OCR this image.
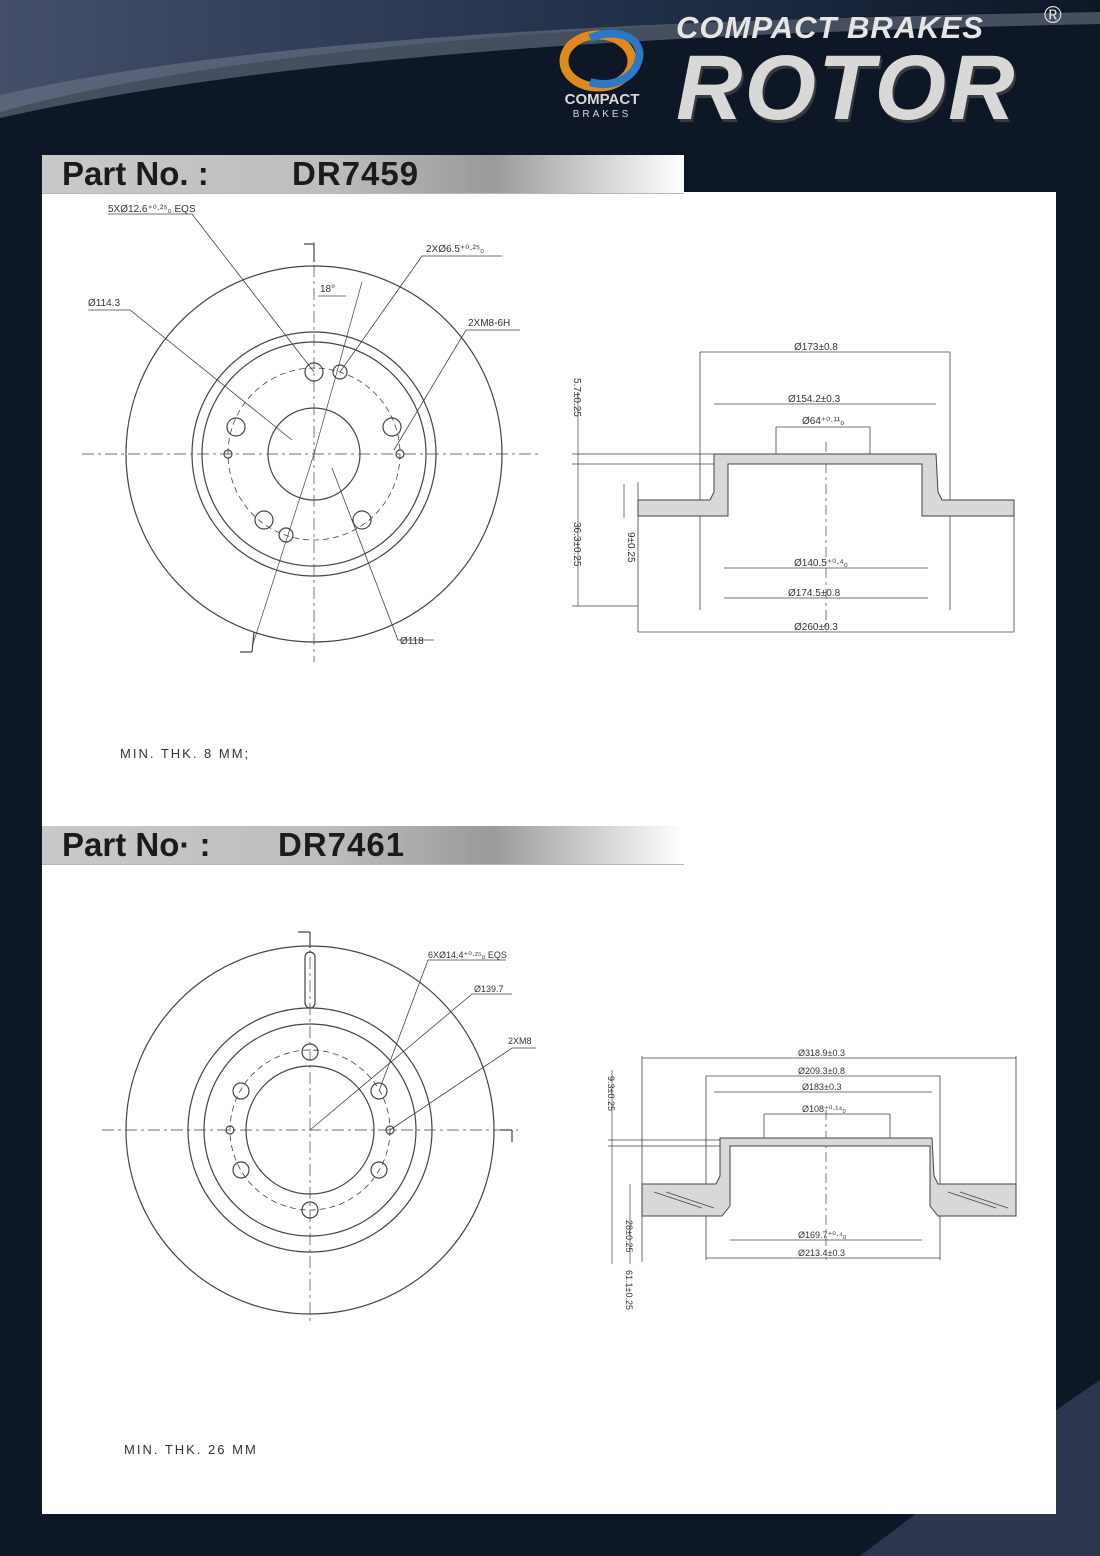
COMPACT
BRAKES
COMPACT BRAKES	®
ROTOR
Part No. :	DR7459
5XØ12.6⁺⁰·²⁵₀ EQS
2XØ6.5⁺⁰·²⁵₀
18°
Ø114.3
2XM8-6H
Ø118
Ø173±0.8
Ø154.2±0.3
Ø64⁺⁰·¹¹₀
Ø140.5⁺⁰·⁴₀
Ø174.5±0.8
Ø260±0.3
5.7±0.25
36.3±0.25	9±0.25
MIN. THK. 8 MM;
Part No· : DR7461
6XØ14.4⁺⁰·²⁵₀ EQS
Ø139.7
2XM8
Ø318.9±0.3
Ø209.3±0.8
Ø183±0.3
Ø108⁺⁰·¹⁴₀
Ø169.7⁺⁰·⁴₀
Ø213.4±0.3
9.3±0.25
28±0.25
61.1±0.25
MIN. THK. 26 MM
